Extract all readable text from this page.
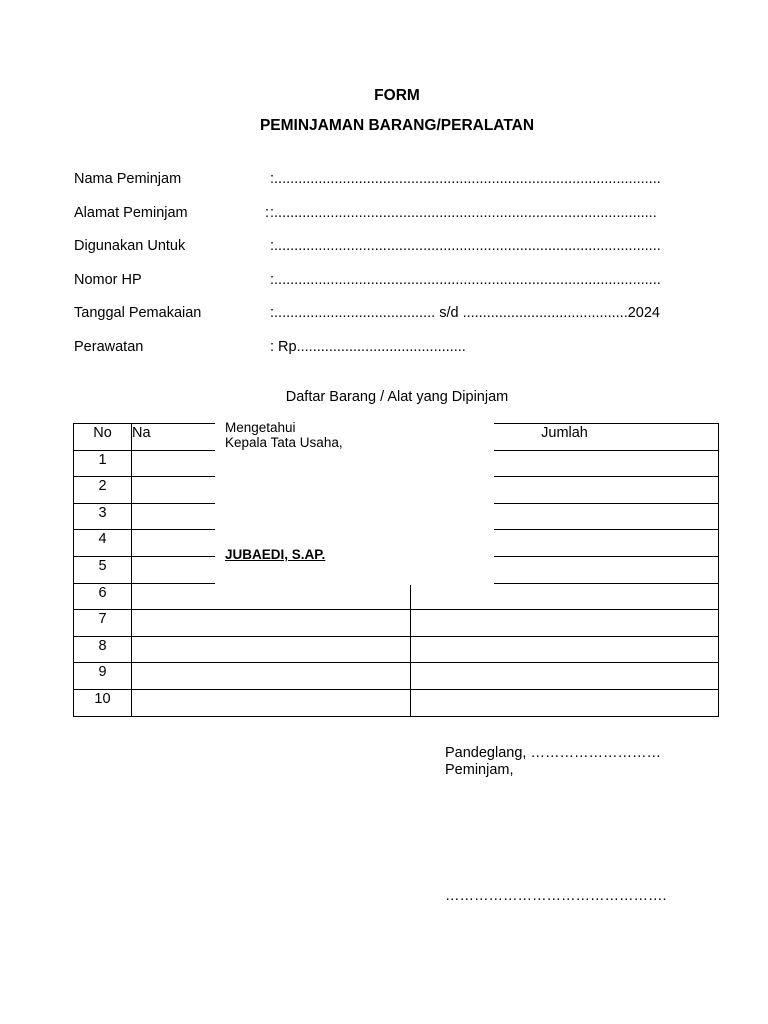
FORM
PEMINJAMAN BARANG/PERALATAN
Nama Peminjam	:................................................................................................
Alamat Peminjam	: :...............................................................................................
Digunakan Untuk	:................................................................................................
Nomor HP	:................................................................................................
Tanggal Pemakaian	:........................................ s/d .........................................2024
Perawatan	: Rp..........................................
Daftar Barang / Alat yang Dipinjam
No	Na	Jumlah
1		
2		
3		
4		
5		
6		
7		
8		
9		
10		
Mengetahui
Kepala Tata Usaha,
JUBAEDI, S.AP.
Pandeglang, ………………………
Peminjam,
……………………………………….
